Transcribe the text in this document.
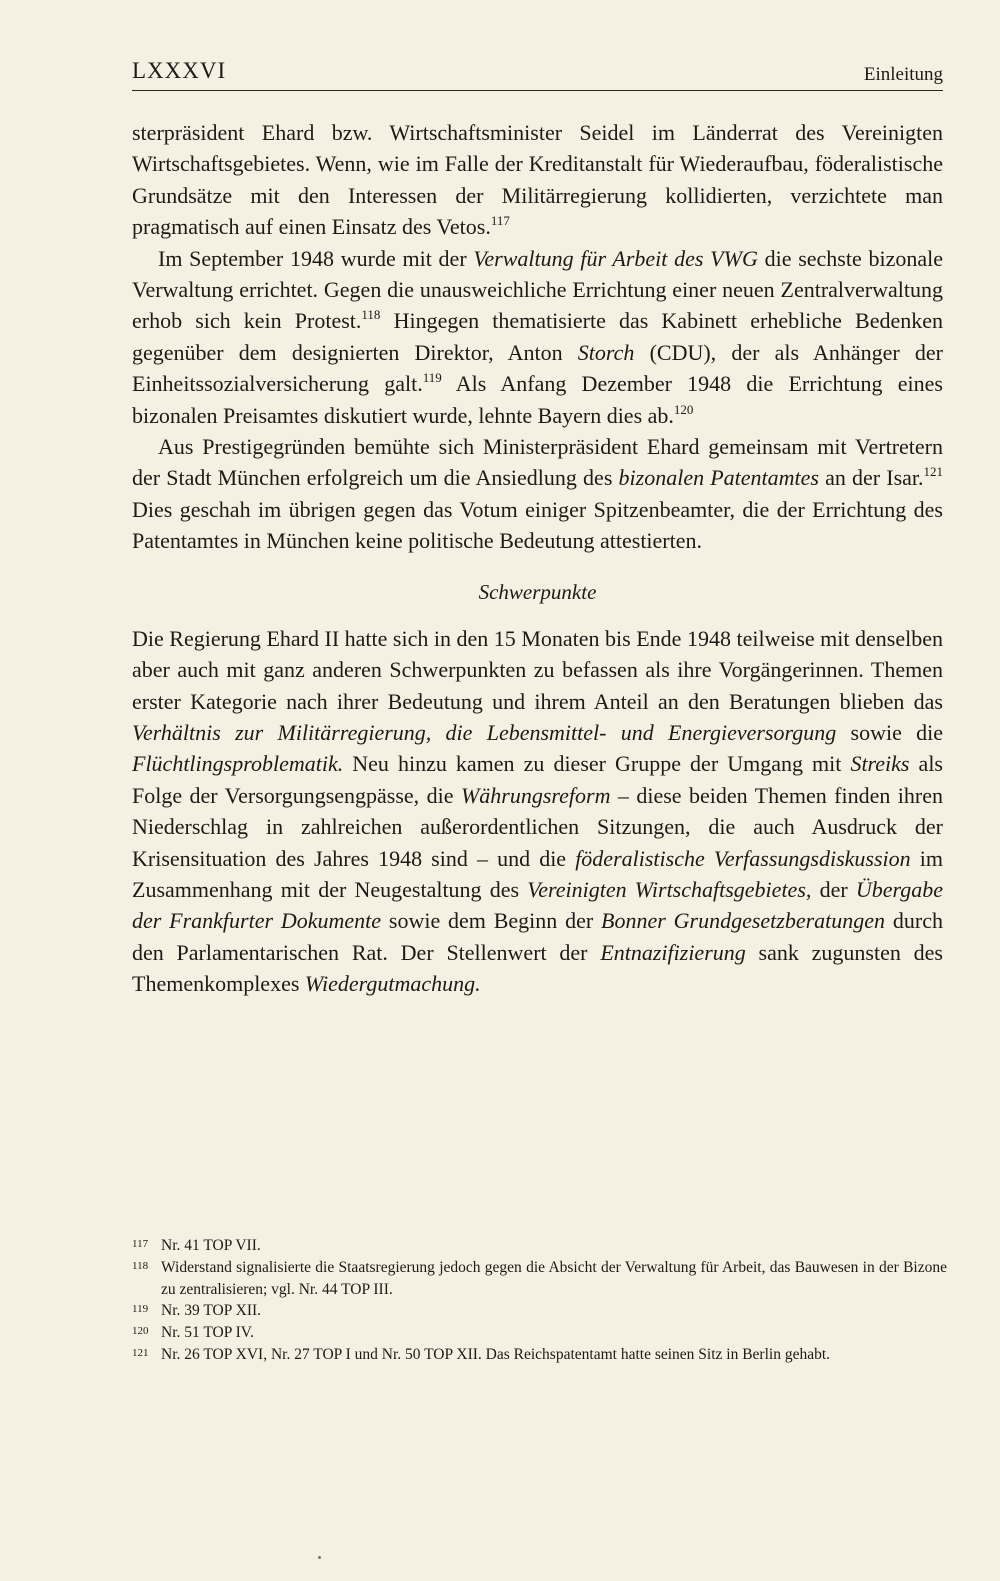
LXXXVI	Einleitung

sterpräsident Ehard bzw. Wirtschaftsminister Seidel im Länderrat des Vereinigten Wirtschaftsgebietes. Wenn, wie im Falle der Kreditanstalt für Wiederaufbau, föderalistische Grundsätze mit den Interessen der Militärregierung kollidierten, verzichtete man pragmatisch auf einen Einsatz des Vetos.$^{117}$

Im September 1948 wurde mit der Verwaltung für Arbeit des VWG die sechste bizonale Verwaltung errichtet. Gegen die unausweichliche Errichtung einer neuen Zentralverwaltung erhob sich kein Protest.$^{118}$ Hingegen thematisierte das Kabinett erhebliche Bedenken gegenüber dem designierten Direktor, Anton Storch (CDU), der als Anhänger der Einheitssozialversicherung galt.$^{119}$ Als Anfang Dezember 1948 die Errichtung eines bizonalen Preisamtes diskutiert wurde, lehnte Bayern dies ab.$^{120}$

Aus Prestigegründen bemühte sich Ministerpräsident Ehard gemeinsam mit Vertretern der Stadt München erfolgreich um die Ansiedlung des bizonalen Patentamtes an der Isar.$^{121}$ Dies geschah im übrigen gegen das Votum einiger Spitzenbeamter, die der Errichtung des Patentamtes in München keine politische Bedeutung attestierten.

Schwerpunkte

Die Regierung Ehard II hatte sich in den 15 Monaten bis Ende 1948 teilweise mit denselben aber auch mit ganz anderen Schwerpunkten zu befassen als ihre Vorgängerinnen. Themen erster Kategorie nach ihrer Bedeutung und ihrem Anteil an den Beratungen blieben das Verhältnis zur Militärregierung, die Lebensmittel- und Energieversorgung sowie die Flüchtlingsproblematik. Neu hinzu kamen zu dieser Gruppe der Umgang mit Streiks als Folge der Versorgungsengpässe, die Währungsreform – diese beiden Themen finden ihren Niederschlag in zahlreichen außerordentlichen Sitzungen, die auch Ausdruck der Krisensituation des Jahres 1948 sind – und die föderalistische Verfassungsdiskussion im Zusammenhang mit der Neugestaltung des Vereinigten Wirtschaftsgebietes, der Übergabe der Frankfurter Dokumente sowie dem Beginn der Bonner Grundgesetzberatungen durch den Parlamentarischen Rat. Der Stellenwert der Entnazifizierung sank zugunsten des Themenkomplexes Wiedergutmachung.

117 Nr. 41 TOP VII.
118 Widerstand signalisierte die Staatsregierung jedoch gegen die Absicht der Verwaltung für Arbeit, das Bauwesen in der Bizone zu zentralisieren; vgl. Nr. 44 TOP III.
119 Nr. 39 TOP XII.
120 Nr. 51 TOP IV.
121 Nr. 26 TOP XVI, Nr. 27 TOP I und Nr. 50 TOP XII. Das Reichspatentamt hatte seinen Sitz in Berlin gehabt.
